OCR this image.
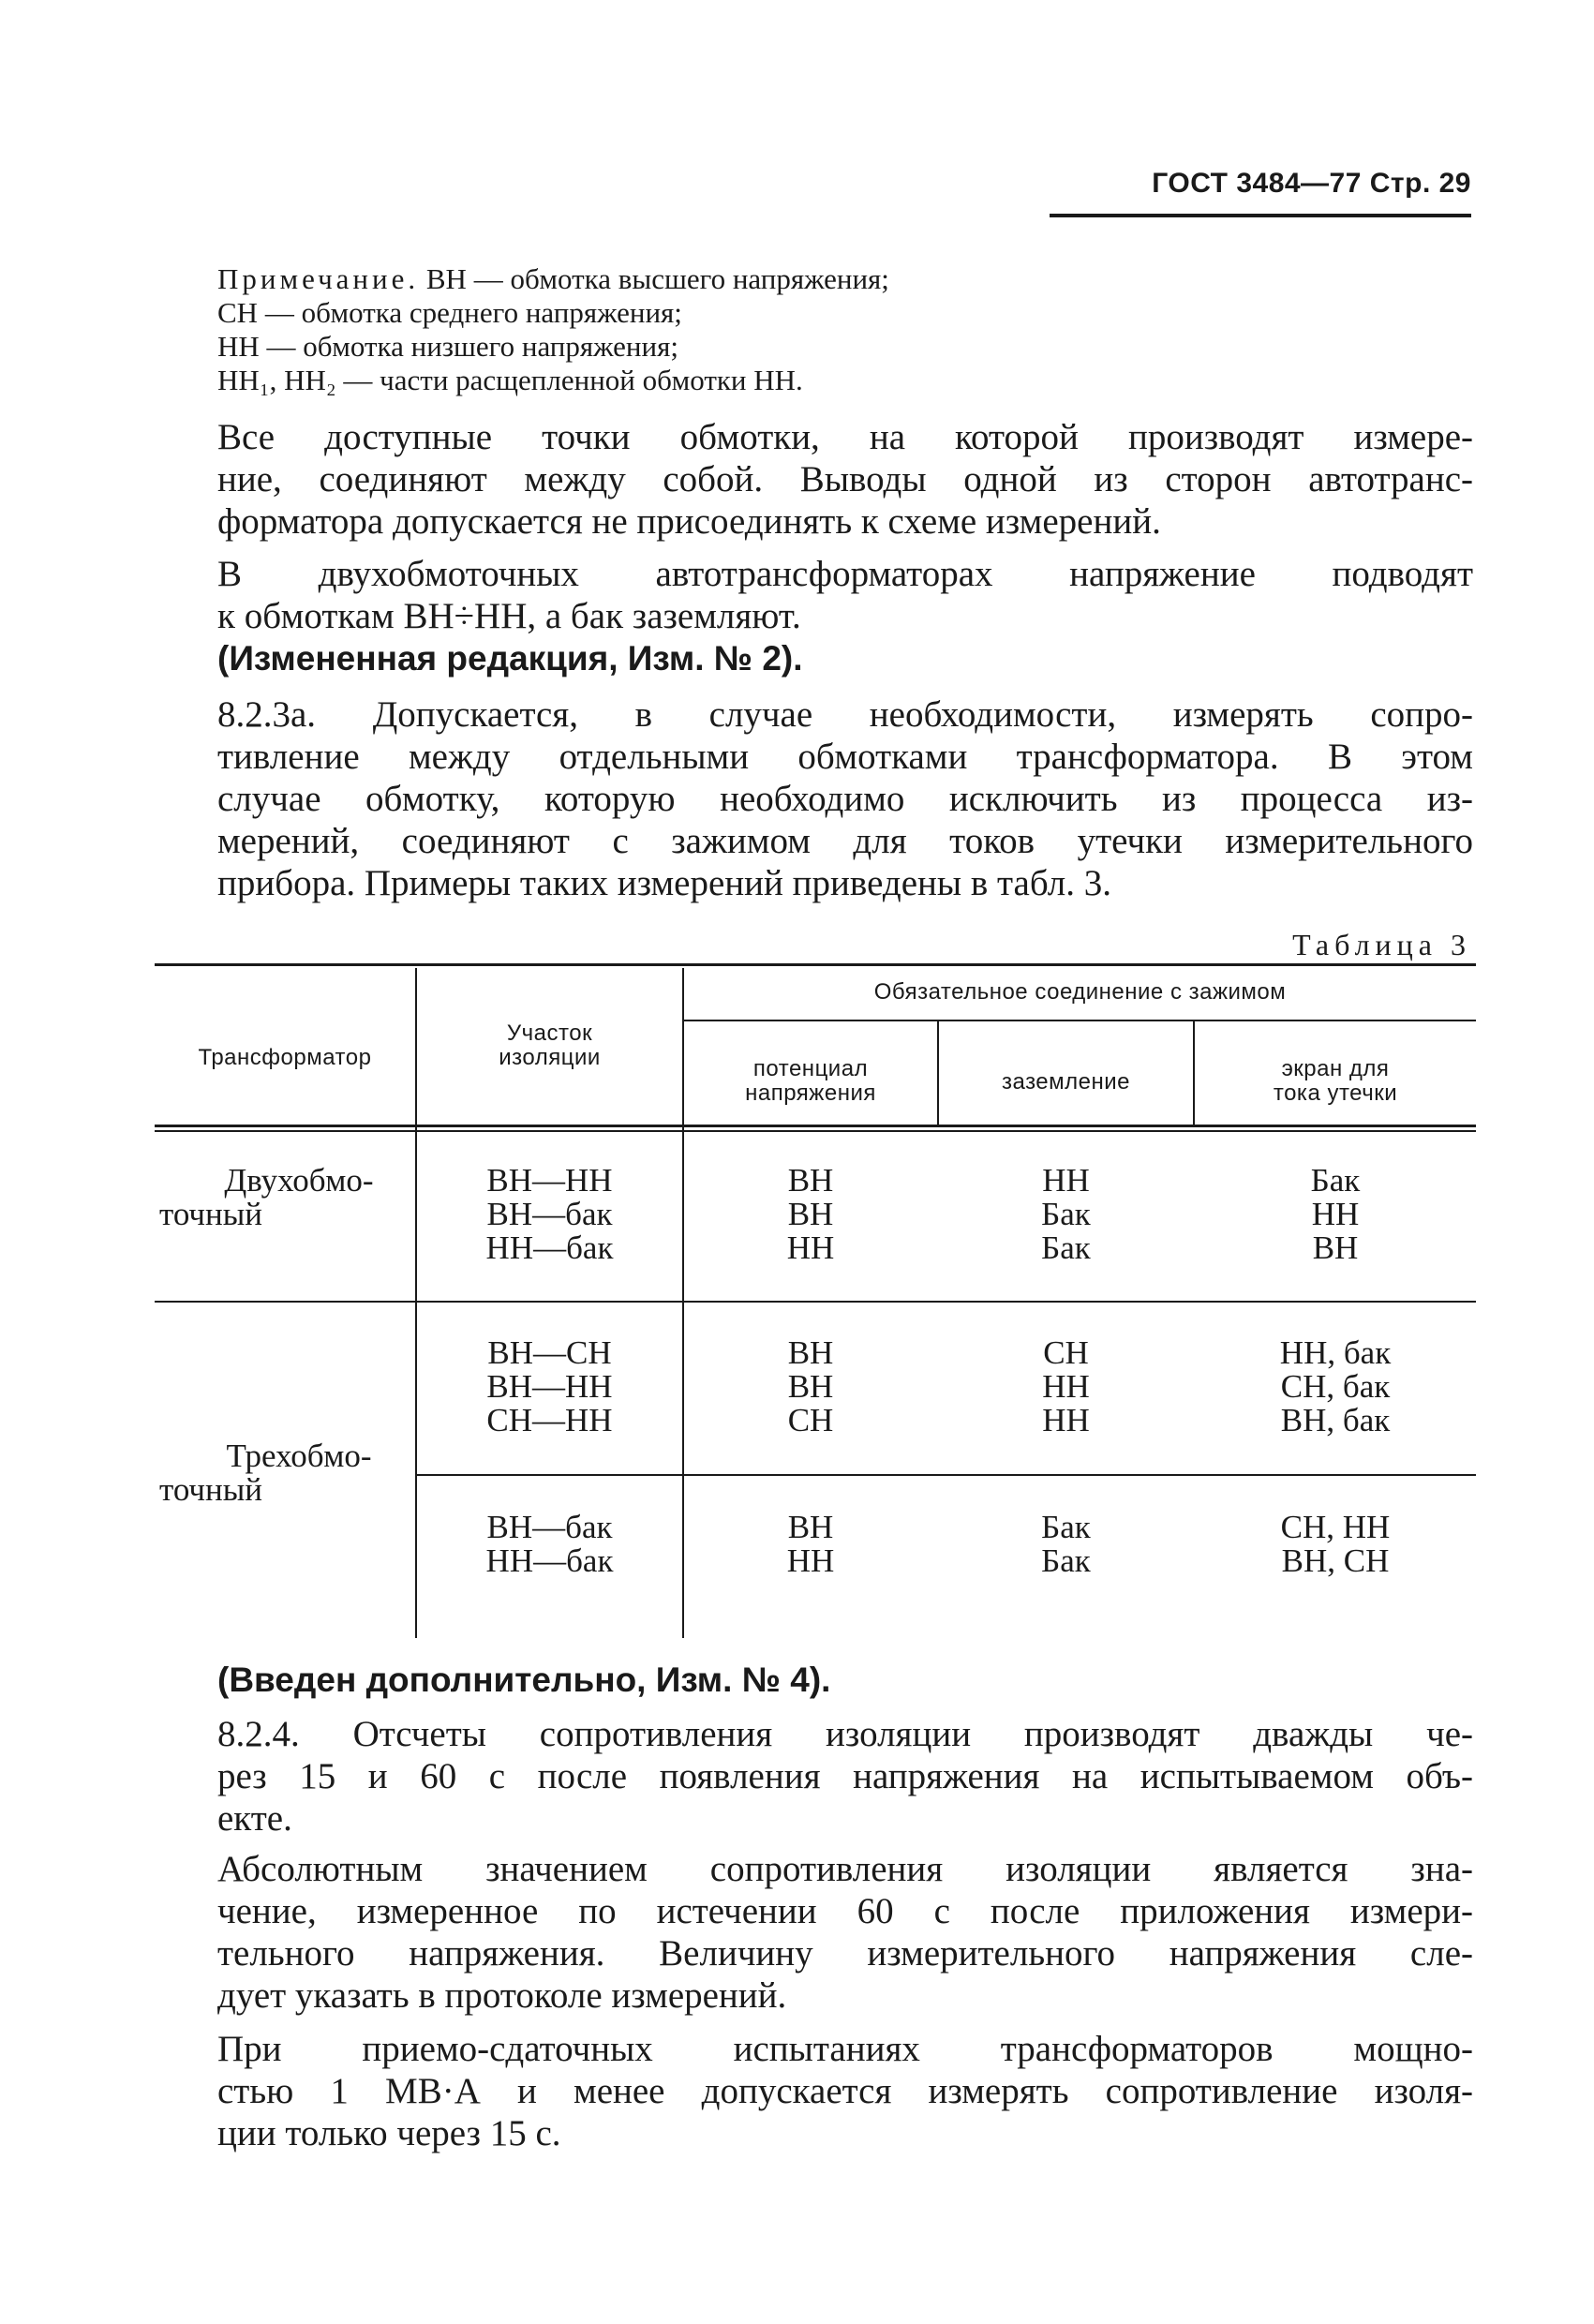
ГОСТ 3484—77 Стр. 29
Примечание. ВН — обмотка высшего напряжения;
СН — обмотка среднего напряжения;
НН — обмотка низшего напряжения;
НН₁, НН₂ — части расщепленной обмотки НН.
Все доступные точки обмотки, на которой производят измере-
ние, соединяют между собой. Выводы одной из сторон автотранс-
форматора допускается не присоединять к схеме измерений.
В двухобмоточных автотрансформаторах напряжение подводят
к обмоткам ВН÷НН, а бак заземляют.
(Измененная редакция, Изм. № 2).
8.2.3а. Допускается, в случае необходимости, измерять сопро-
тивление между отдельными обмотками трансформатора. В этом
случае обмотку, которую необходимо исключить из процесса из-
мерений, соединяют с зажимом для токов утечки измерительного
прибора. Примеры таких измерений приведены в табл. 3.
Таблица 3
Трансформатор
Участок
изоляции
Обязательное соединение с зажимом
потенциал
напряжения	заземление
экран для
тока утечки
Двухобмо-
точный
ВН—НН
ВН—бак
НН—бак
ВН
ВН
НН
НН
Бак
Бак
Бак
НН
ВН
Трехобмо-
точный
ВН—СН
ВН—НН
СН—НН
ВН
ВН
СН
СН
НН
НН
НН, бак
СН, бак
ВН, бак
ВН—бак
НН—бак
ВН
НН
Бак
Бак
СН, НН
ВН, СН
(Введен дополнительно, Изм. № 4).
8.2.4. Отсчеты сопротивления изоляции производят дважды че-
рез 15 и 60 с после появления напряжения на испытываемом объ-
екте.
Абсолютным значением сопротивления изоляции является зна-
чение, измеренное по истечении 60 с после приложения измери-
тельного напряжения. Величину измерительного напряжения сле-
дует указать в протоколе измерений.
При приемо-сдаточных испытаниях трансформаторов мощно-
стью 1 МВ·А и менее допускается измерять сопротивление изоля-
ции только через 15 с.
